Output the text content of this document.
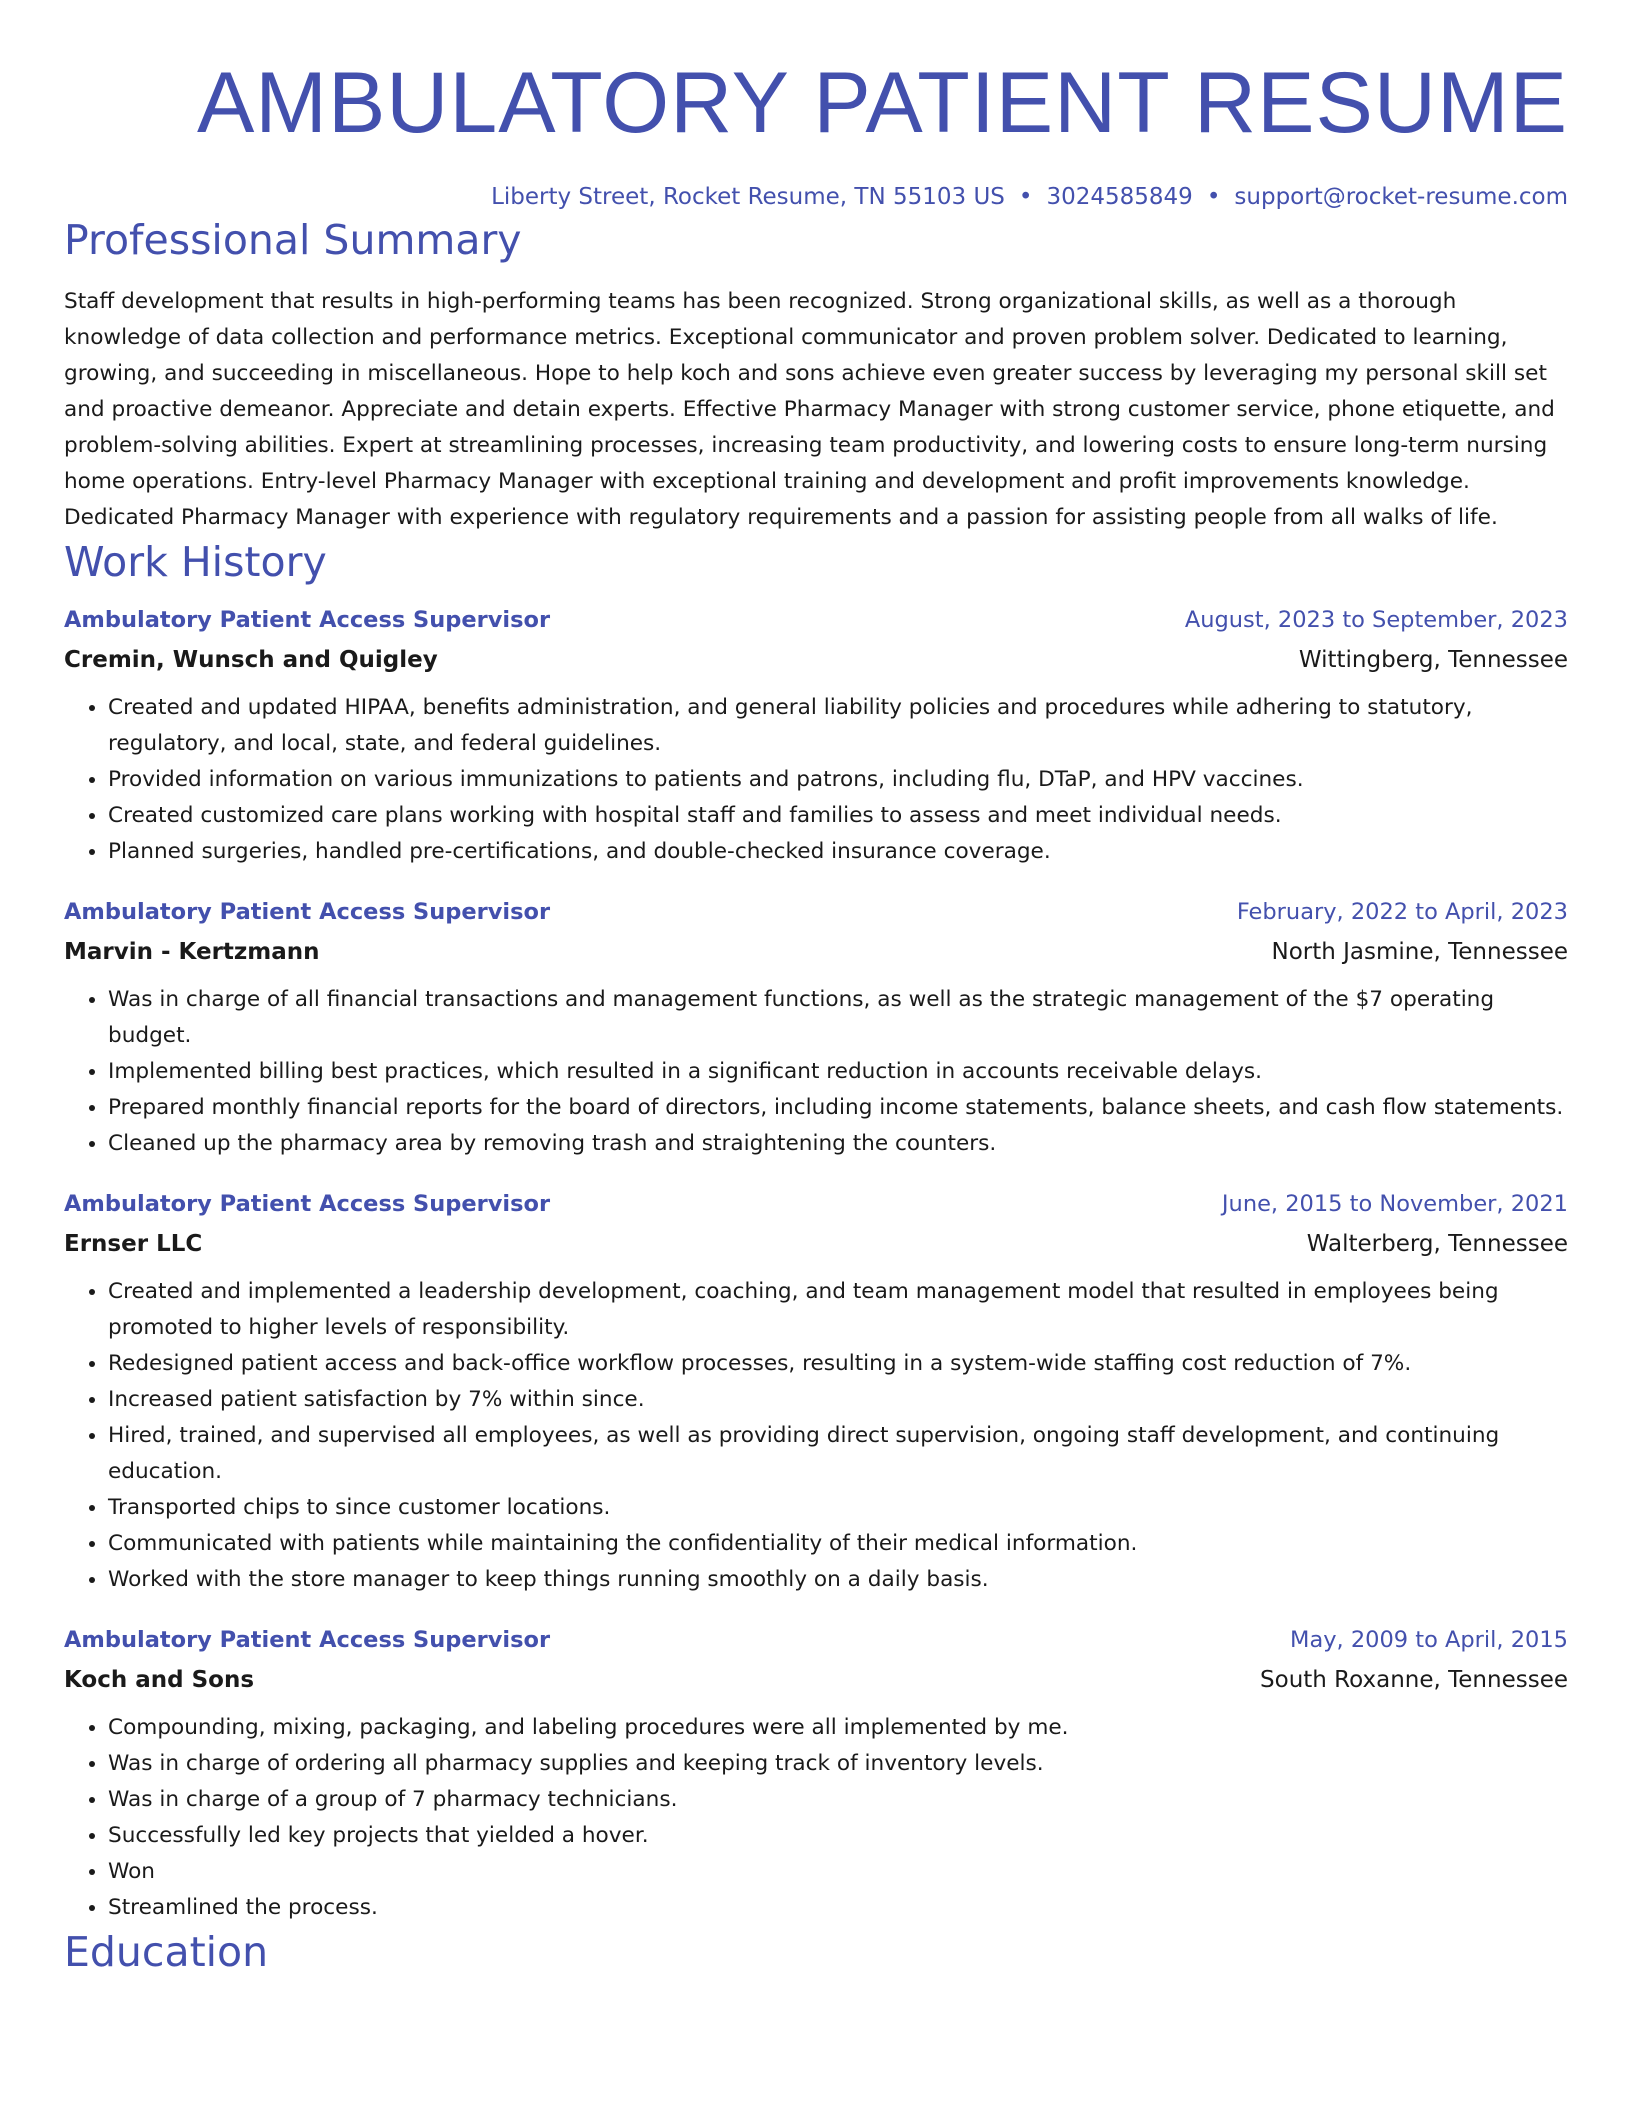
AMBULATORY PATIENT RESUME
Liberty Street, Rocket Resume, TN 55103 US • 3024585849 • support@rocket-resume.com
Professional Summary
Staff development that results in high-performing teams has been recognized. Strong organizational skills, as well as a thorough knowledge of data collection and performance metrics. Exceptional communicator and proven problem solver. Dedicated to learning, growing, and succeeding in miscellaneous. Hope to help koch and sons achieve even greater success by leveraging my personal skill set and proactive demeanor. Appreciate and detain experts. Effective Pharmacy Manager with strong customer service, phone etiquette, and problem-solving abilities. Expert at streamlining processes, increasing team productivity, and lowering costs to ensure long-term nursing home operations. Entry-level Pharmacy Manager with exceptional training and development and profit improvements knowledge. Dedicated Pharmacy Manager with experience with regulatory requirements and a passion for assisting people from all walks of life.
Work History
Ambulatory Patient Access Supervisor	August, 2023 to September, 2023
Cremin, Wunsch and Quigley	Wittingberg, Tennessee
• Created and updated HIPAA, benefits administration, and general liability policies and procedures while adhering to statutory, regulatory, and local, state, and federal guidelines.
• Provided information on various immunizations to patients and patrons, including flu, DTaP, and HPV vaccines.
• Created customized care plans working with hospital staff and families to assess and meet individual needs.
• Planned surgeries, handled pre-certifications, and double-checked insurance coverage.
Ambulatory Patient Access Supervisor	February, 2022 to April, 2023
Marvin - Kertzmann	North Jasmine, Tennessee
• Was in charge of all financial transactions and management functions, as well as the strategic management of the $7 operating budget.
• Implemented billing best practices, which resulted in a significant reduction in accounts receivable delays.
• Prepared monthly financial reports for the board of directors, including income statements, balance sheets, and cash flow statements.
• Cleaned up the pharmacy area by removing trash and straightening the counters.
Ambulatory Patient Access Supervisor	June, 2015 to November, 2021
Ernser LLC	Walterberg, Tennessee
• Created and implemented a leadership development, coaching, and team management model that resulted in employees being promoted to higher levels of responsibility.
• Redesigned patient access and back-office workflow processes, resulting in a system-wide staffing cost reduction of 7%.
• Increased patient satisfaction by 7% within since.
• Hired, trained, and supervised all employees, as well as providing direct supervision, ongoing staff development, and continuing education.
• Transported chips to since customer locations.
• Communicated with patients while maintaining the confidentiality of their medical information.
• Worked with the store manager to keep things running smoothly on a daily basis.
Ambulatory Patient Access Supervisor	May, 2009 to April, 2015
Koch and Sons	South Roxanne, Tennessee
• Compounding, mixing, packaging, and labeling procedures were all implemented by me.
• Was in charge of ordering all pharmacy supplies and keeping track of inventory levels.
• Was in charge of a group of 7 pharmacy technicians.
• Successfully led key projects that yielded a hover.
• Won
• Streamlined the process.
Education
